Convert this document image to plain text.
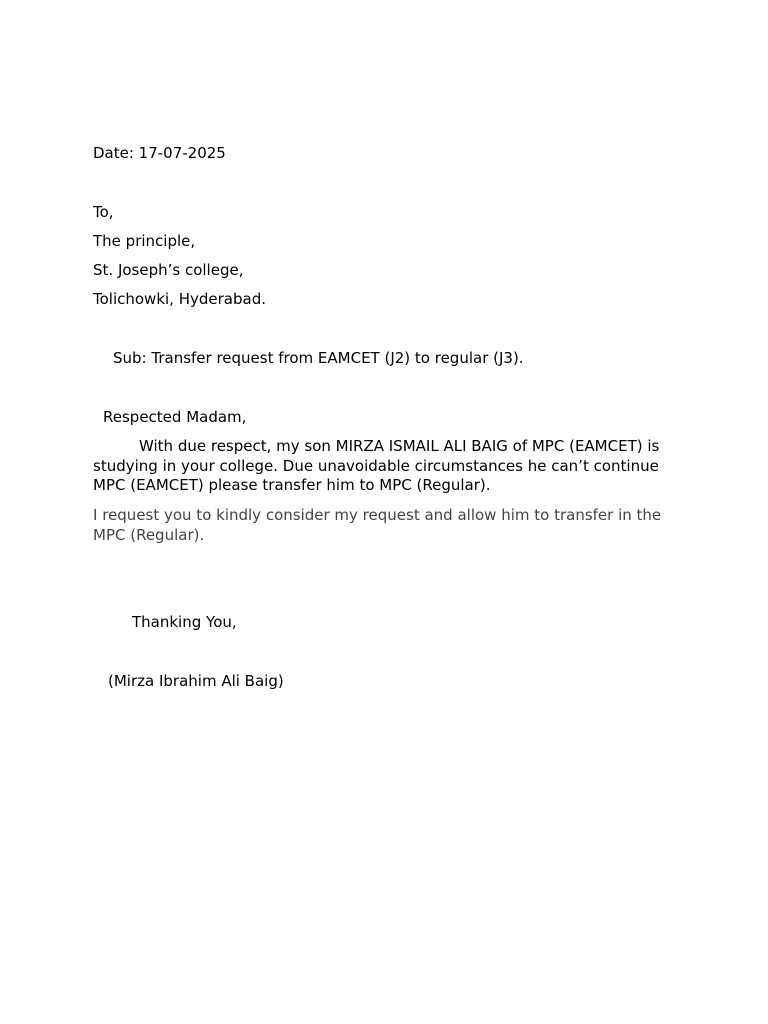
Date: 17-07-2025
To,
The principle,
St. Joseph’s college,
Tolichowki, Hyderabad.
Sub: Transfer request from EAMCET (J2) to regular (J3).
Respected Madam,
With due respect, my son MIRZA ISMAIL ALI BAIG of MPC (EAMCET) is studying in your college. Due unavoidable circumstances he can’t continue MPC (EAMCET) please transfer him to MPC (Regular).
I request you to kindly consider my request and allow him to transfer in the MPC (Regular).
Thanking You,
(Mirza Ibrahim Ali Baig)
